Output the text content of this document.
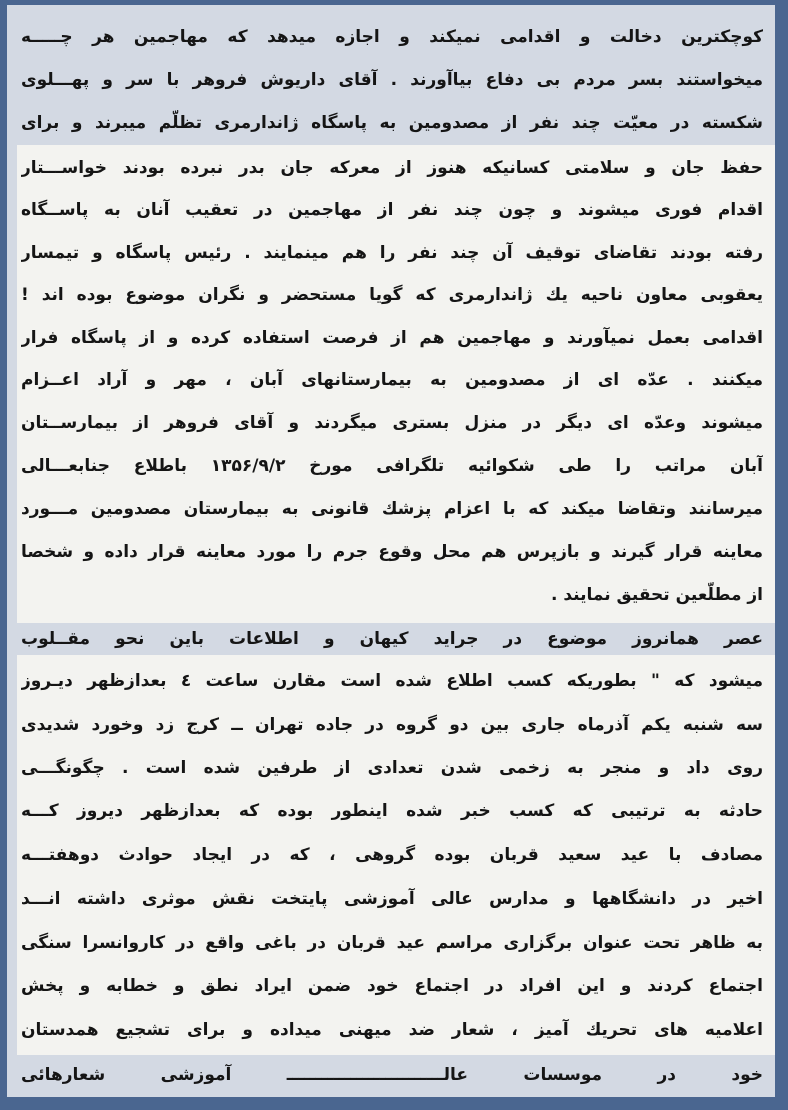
کوچکترین دخالت و اقدامی نمیکند و اجازه میدهد که مهاجمین هر چـــــه
میخواستند بسر مردم بی دفاع بیاآورند . آقای داریوش فروهر با سر و پهـــلوی
شکسته در معیّت چند نفر از مصدومین به پاسگاه ژاندارمری تظلّم میبرند و برای
حفظ جان و سلامتی کسانیکه هنوز از معرکه جان بدر نبرده بودند خواســـتار
اقدام فوری میشوند و چون چند نفر از مهاجمین در تعقیب آنان به پاســگاه
رفته بودند تقاضای توقیف آن چند نفر را هم مینمایند . رئیس پاسگاه و تیمسار
یعقوبی معاون ناحیه یك ژاندارمری که گویا مستحضر و نگران موضوع بوده اند !
اقدامی بعمل نمیآورند و مهاجمین هم از فرصت استفاده کرده و از پاسگاه فرار
میکنند . عدّه ای از مصدومین به بیمارستانهای آبان ، مهر و آراد اعــزام
میشوند وعدّه ای دیگر در منزل بستری میگردند و آقای فروهر از بیمارســتان
آبان مراتب را طی شکوائیه تلگرافی مورخ ۱۳۵۶/۹/۲ باطلاع جنابعـــالی
میرسانند وتقاضا میکند که با اعزام پزشك قانونی به بیمارستان مصدومین مـــورد
معاینه قرار گیرند و بازپرس هم محل وقوع جرم را مورد معاینه قرار داده و شخصا
از مطلّعین تحقیق نمایند .
عصر همانروز موضوع در جراید کیهان و اطلاعات باین نحو مقــلوب
میشود که " بطوریکه کسب اطلاع شده است مقارن ساعت ٤ بعدازظهر دیـروز
سه شنبه یکم آذرماه جاری بین دو گروه در جاده تهران ــ کرج زد وخورد شدیدی
روی داد و منجر به زخمی شدن تعدادی از طرفین شده است . چگونگـــی
حادثه به ترتیبی که کسب خبر شده اینطور بوده که بعدازظهر دیروز کـــه
مصادف با عید سعید قربان بوده گروهی ، که در ایجاد حوادث دوهفتـــه
اخیر در دانشگاهها و مدارس عالی آموزشی پایتخت نقش موثری داشته انـــد
به ظاهر تحت عنوان برگزاری مراسم عید قربان در باغی واقع در کاروانسرا سنگی
اجتماع کردند و این افراد در اجتماع خود ضمن ایراد نطق و خطابه و پخش
اعلامیه های تحریك آمیز ، شعار ضد میهنی میداده و برای تشجیع همدستان
خود در موسسات عالـــــــــــــــــــــــــــ آموزشی شعارهائی
